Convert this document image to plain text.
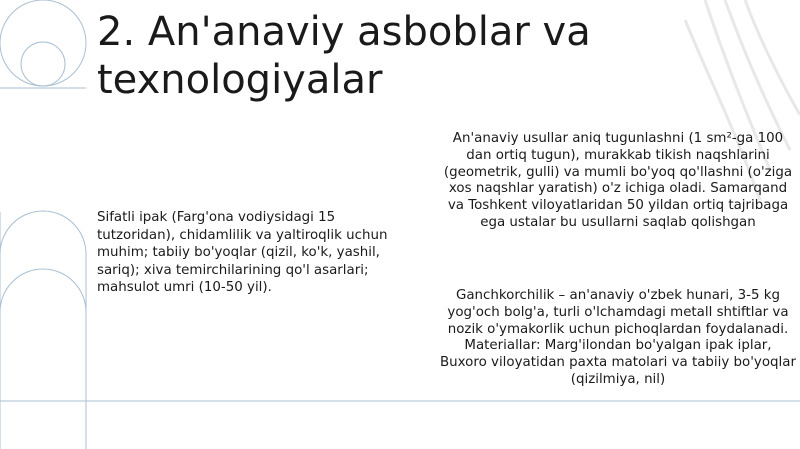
2. An'anaviy asboblar va
texnologiyalar
Sifatli ipak (Farg'ona vodiysidagi 15 tutzoridan), chidamlilik va yaltiroqlik uchun muhim; tabiiy bo'yoqlar (qizil, ko'k, yashil, sariq); xiva temirchilarining qo'l asarlari; mahsulot umri (10-50 yil).
An'anaviy usullar aniq tugunlashni (1 sm²-ga 100 dan ortiq tugun), murakkab tikish naqshlarini (geometrik, gulli) va mumli bo'yoq qo'llashni (o'ziga xos naqshlar yaratish) o'z ichiga oladi. Samarqand va Toshkent viloyatlaridan 50 yildan ortiq tajribaga ega ustalar bu usullarni saqlab qolishgan
Ganchkorchilik – an'anaviy o'zbek hunari, 3-5 kg yog'och bolg'a, turli o'lchamdagi metall shtiftlar va nozik o'ymakorlik uchun pichoqlardan foydalanadi. Materiallar: Marg'ilondan bo'yalgan ipak iplar, Buxoro viloyatidan paxta matolari va tabiiy bo'yoqlar (qizilmiya, nil)
